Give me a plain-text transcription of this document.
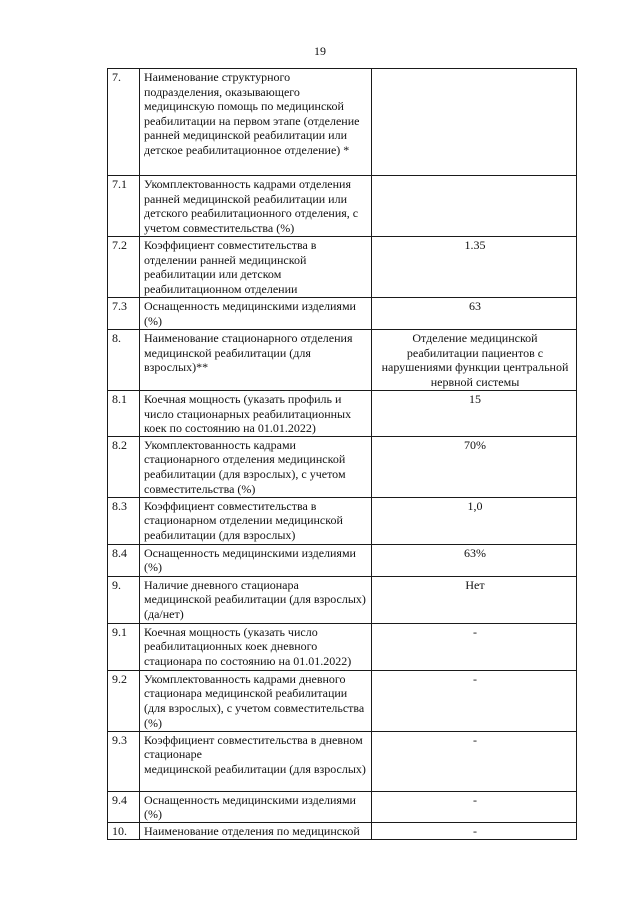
19
7.	Наименование структурного подразделения, оказывающего медицинскую помощь по медицинской реабилитации на первом этапе (отделение ранней медицинской реабилитации или детское реабилитационное отделение) *	
7.1	Укомплектованность кадрами отделения ранней медицинской реабилитации или детского реабилитационного отделения, с учетом совместительства (%)	
7.2	Коэффициент совместительства в отделении ранней медицинской реабилитации или детском реабилитационном отделении	1.35
7.3	Оснащенность медицинскими изделиями (%)	63
8.	Наименование стационарного отделения медицинской реабилитации (для взрослых)**	Отделение медицинской реабилитации пациентов с нарушениями функции центральной нервной системы
8.1	Коечная мощность (указать профиль и число стационарных реабилитационных коек по состоянию на 01.01.2022)	15
8.2	Укомплектованность кадрами стационарного отделения медицинской реабилитации (для взрослых), с учетом совместительства (%)	70%
8.3	Коэффициент совместительства в стационарном отделении медицинской реабилитации (для взрослых)	1,0
8.4	Оснащенность медицинскими изделиями (%)	63%
9.	Наличие дневного стационара медицинской реабилитации (для взрослых) (да/нет)	Нет
9.1	Коечная мощность (указать число реабилитационных коек дневного стационара по состоянию на 01.01.2022)	-
9.2	Укомплектованность кадрами дневного стационара медицинской реабилитации (для взрослых), с учетом совместительства (%)	-
9.3	Коэффициент совместительства в дневном стационаре
медицинской реабилитации (для взрослых)	-
9.4	Оснащенность медицинскими изделиями (%)	-
10.	Наименование отделения по медицинской	-
